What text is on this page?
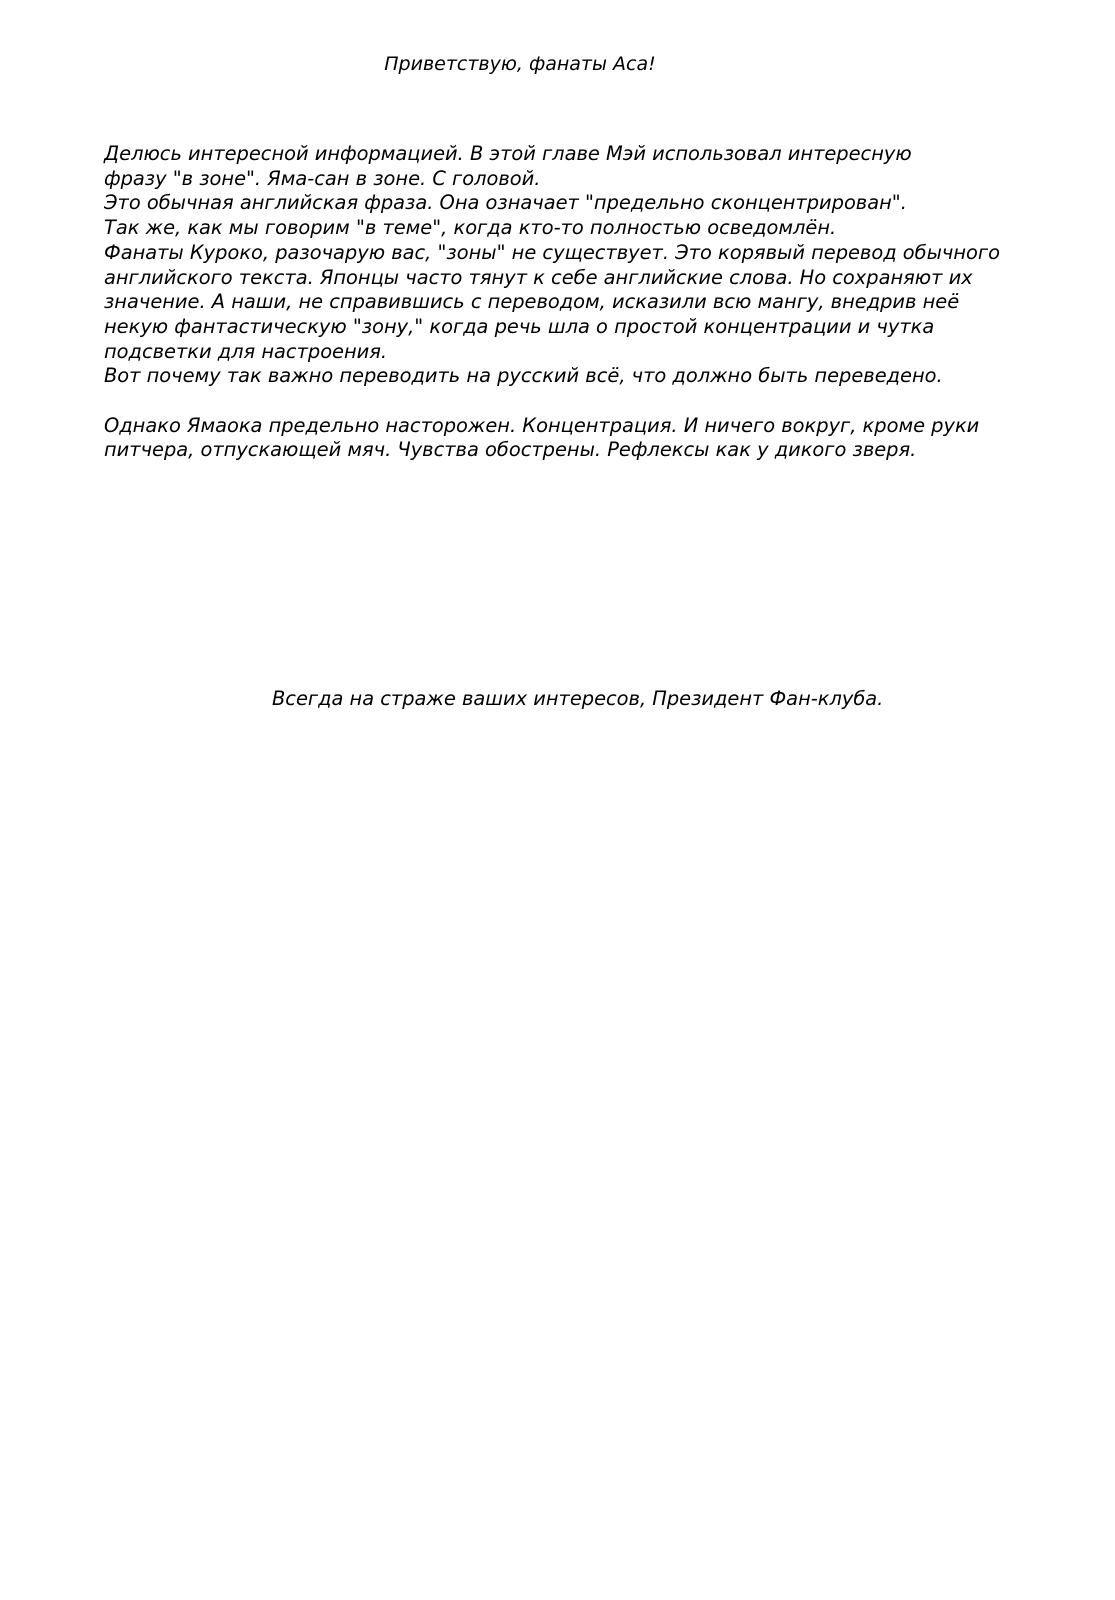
Приветствую, фанаты Аса!
Делюсь интересной информацией. В этой главе Мэй использовал интересную
фразу "в зоне". Яма-сан в зоне. С головой.
Это обычная английская фраза. Она означает "предельно сконцентрирован".
Так же, как мы говорим "в теме", когда кто-то полностью осведомлён.
Фанаты Куроко, разочарую вас, "зоны" не существует. Это корявый перевод обычного
английского текста. Японцы часто тянут к себе английские слова. Но сохраняют их
значение. А наши, не справившись с переводом, исказили всю мангу, внедрив неё
некую фантастическую "зону," когда речь шла о простой концентрации и чутка
подсветки для настроения.
Вот почему так важно переводить на русский всё, что должно быть переведено.
Однако Ямаока предельно насторожен. Концентрация. И ничего вокруг, кроме руки
питчера, отпускающей мяч. Чувства обострены. Рефлексы как у дикого зверя.
Всегда на страже ваших интересов, Президент Фан-клуба.
